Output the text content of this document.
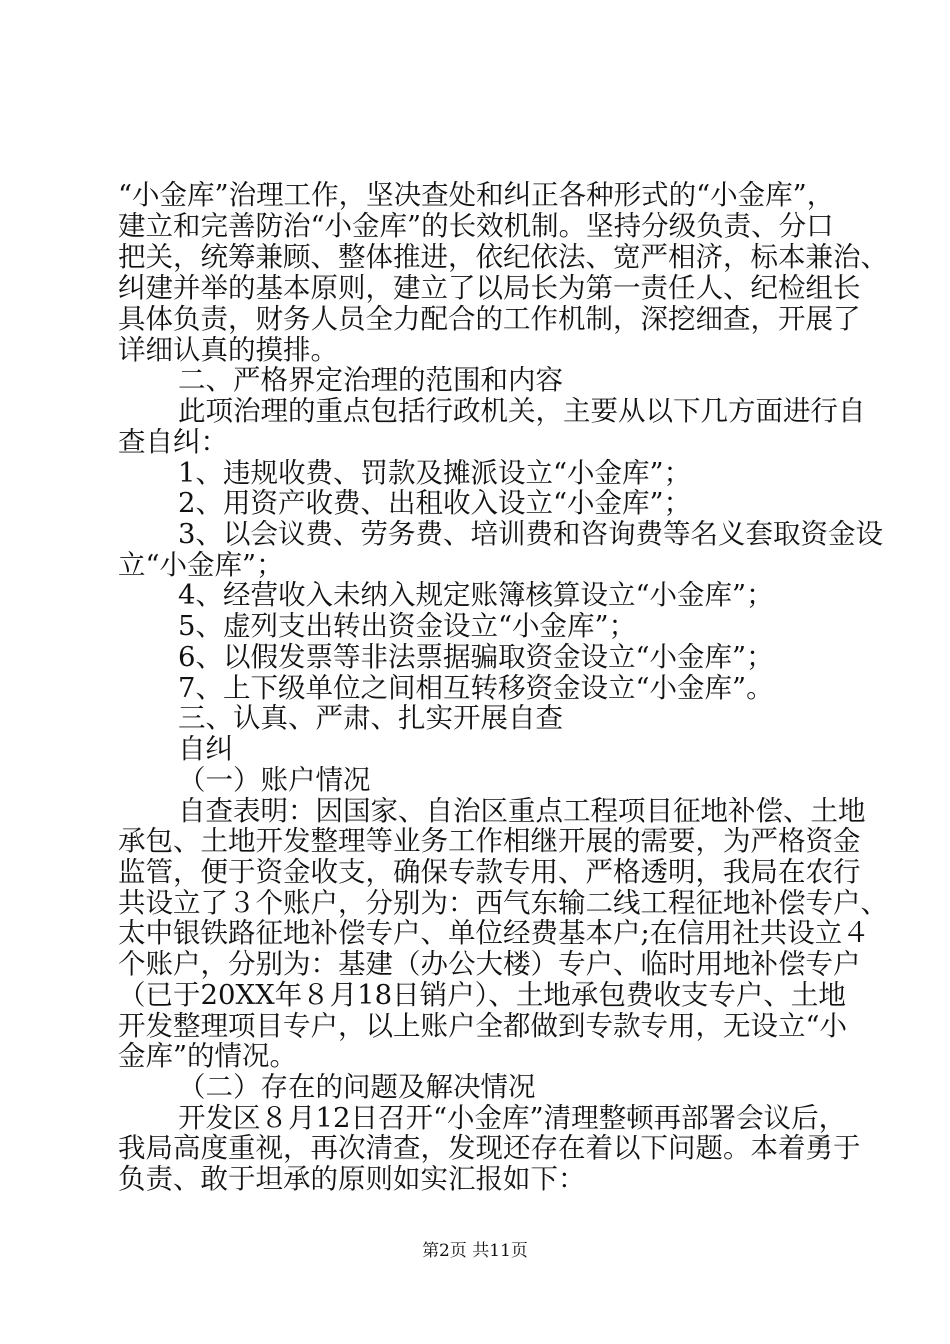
“小金库”治理工作，坚决查处和纠正各种形式的“小金库”，

建立和完善防治“小金库”的长效机制。坚持分级负责、分口

把关，统筹兼顾、整体推进，依纪依法、宽严相济，标本兼治、

纠建并举的基本原则，建立了以局长为第一责任人、纪检组长

具体负责，财务人员全力配合的工作机制，深挖细查，开展了

详细认真的摸排。

二、严格界定治理的范围和内容

此项治理的重点包括行政机关，主要从以下几方面进行自

查自纠：

1、违规收费、罚款及摊派设立“小金库”；

2、用资产收费、出租收入设立“小金库”；

3、以会议费、劳务费、培训费和咨询费等名义套取资金设

立“小金库”；

4、经营收入未纳入规定账簿核算设立“小金库”；

5、虚列支出转出资金设立“小金库”；

6、以假发票等非法票据骗取资金设立“小金库”；

7、上下级单位之间相互转移资金设立“小金库”。

三、认真、严肃、扎实开展自查

自纠

（一）账户情况

自查表明：因国家、自治区重点工程项目征地补偿、土地

承包、土地开发整理等业务工作相继开展的需要，为严格资金

监管，便于资金收支，确保专款专用、严格透明，我局在农行

共设立了３个账户，分别为：西气东输二线工程征地补偿专户、

太中银铁路征地补偿专户、单位经费基本户;在信用社共设立４

个账户，分别为：基建（办公大楼）专户、临时用地补偿专户

（已于20XX年８月18日销户）、土地承包费收支专户、土地

开发整理项目专户，以上账户全都做到专款专用，无设立“小

金库”的情况。

（二）存在的问题及解决情况

开发区８月12日召开“小金库”清理整顿再部署会议后，

我局高度重视，再次清查，发现还存在着以下问题。本着勇于

负责、敢于坦承的原则如实汇报如下：

第2页 共11页
